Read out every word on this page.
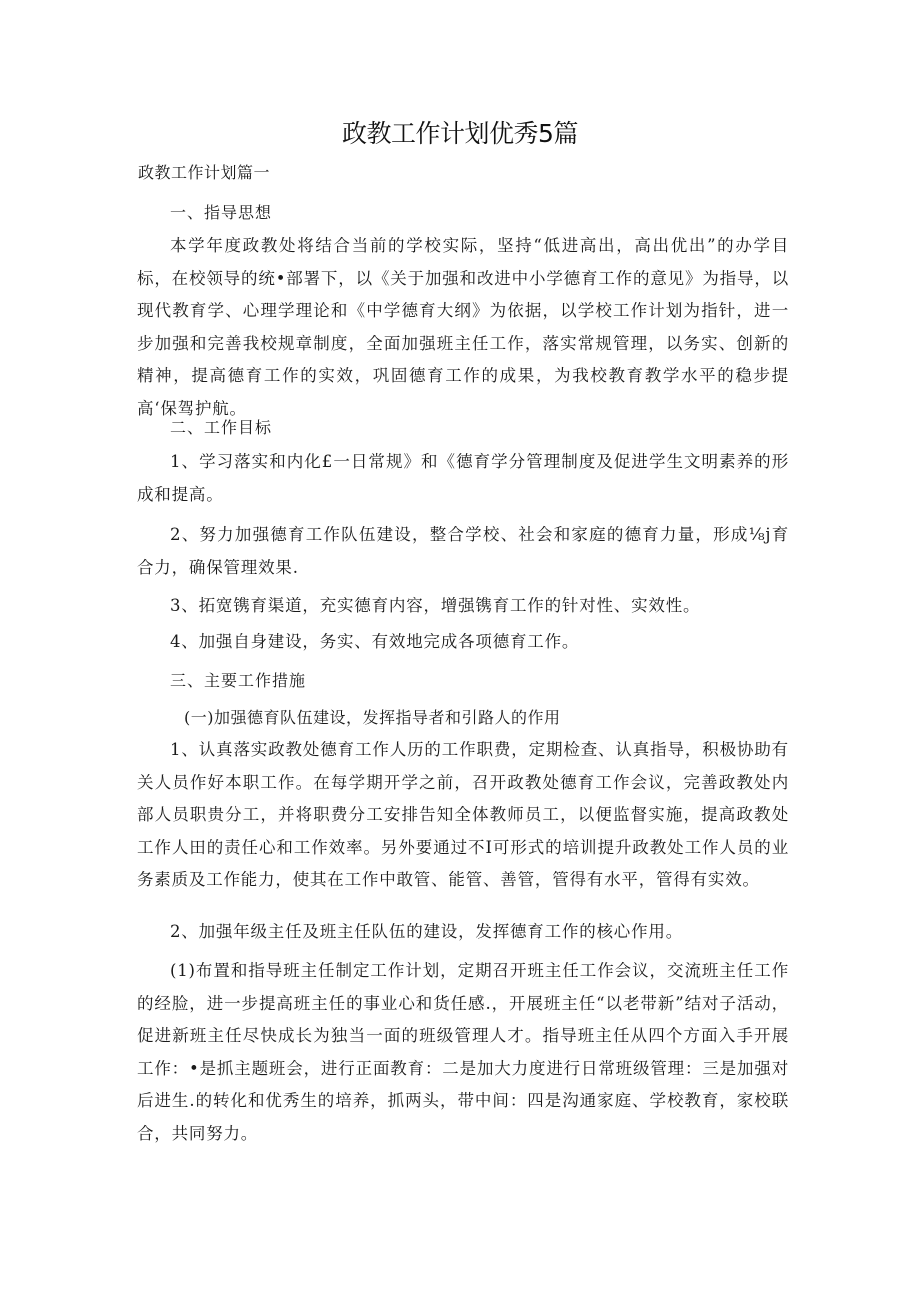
政教工作计划优秀5篇
政教工作计划篇一
一、指导思想

本学年度政教处将结合当前的学校实际，坚持“低进高出，高出优出”的办学目标，在校领导的统•部署下，以《关于加强和改进中小学德育工作的意见》为指导，以现代教育学、心理学理论和《中学德育大纲》为依据，以学校工作计划为指针，进一步加强和完善我校规章制度，全面加强班主任工作，落实常规管理，以务实、创新的精神，提高德育工作的实效，巩固德育工作的成果，为我校教育教学水平的稳步提高‘保驾护航。

二、工作目标

1、学习落实和内化£一日常规》和《德育学分管理制度及促进学生文明素养的形成和提高。

2、努力加强德育工作队伍建设，整合学校、社会和家庭的德育力量，形成⅛j育合力，确保管理效果.

3、拓宽镌育渠道，充实德育内容，增强镌育工作的针对性、实效性。

4、加强自身建设，务实、有效地完成各项德育工作。

三、主要工作措施
(一)加强德育队伍建设，发挥指导者和引路人的作用

1、认真落实政教处德育工作人历的工作职费，定期检查、认真指导，积极协助有关人员作好本职工作。在每学期开学之前，召开政教处德育工作会议，完善政教处内部人员职贵分工，并将职费分工安排告知全体教师员工，以便监督实施，提高政教处工作人田的责任心和工作效率。另外要通过不I可形式的培训提升政教处工作人员的业务素质及工作能力，使其在工作中敢管、能管、善管，管得有水平，管得有实效。

2、加强年级主任及班主任队伍的建设，发挥德育工作的核心作用。

(1)布置和指导班主任制定工作计划，定期召开班主任工作会议，交流班主任工作的经脸，进一步提高班主任的事业心和货任感.，开展班主任“以老带新”结对子活动，促进新班主任尽快成长为独当一面的班级管理人才。指导班主任从四个方面入手开展工作：•是抓主题班会，进行正面教育：二是加大力度进行日常班级管理：三是加强对后进生.的转化和优秀生的培养，抓两头，带中间：四是沟通家庭、学校教育，家校联合，共同努力。
